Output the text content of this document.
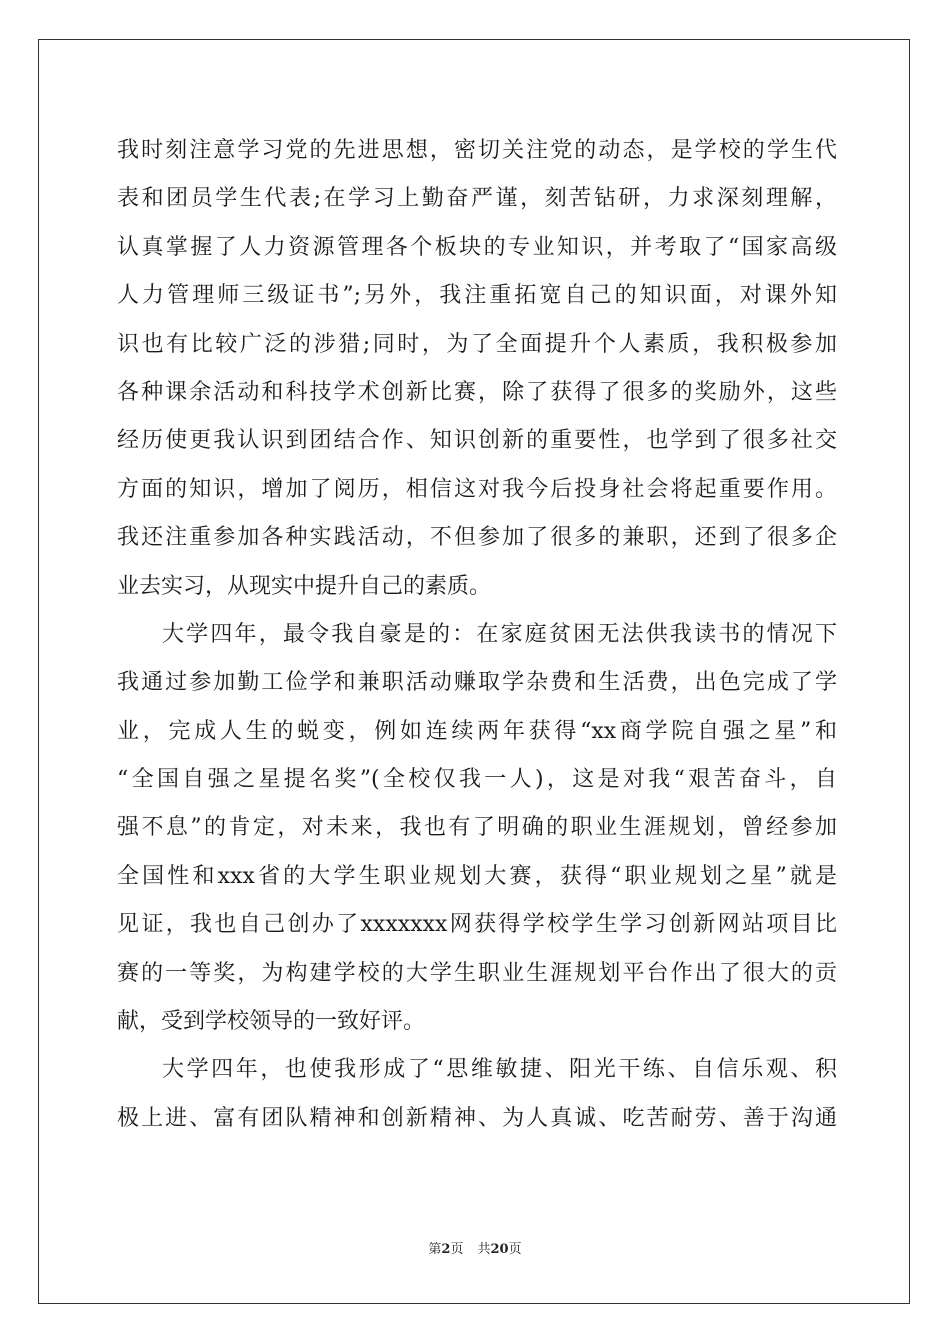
我时刻注意学习党的先进思想，密切关注党的动态，是学校的学生代
表和团员学生代表;在学习上勤奋严谨，刻苦钻研，力求深刻理解，
认真掌握了人力资源管理各个板块的专业知识，并考取了“国家高级
人力管理师三级证书”;另外，我注重拓宽自己的知识面，对课外知
识也有比较广泛的涉猎;同时，为了全面提升个人素质，我积极参加
各种课余活动和科技学术创新比赛，除了获得了很多的奖励外，这些
经历使更我认识到团结合作、知识创新的重要性，也学到了很多社交
方面的知识，增加了阅历，相信这对我今后投身社会将起重要作用。
我还注重参加各种实践活动，不但参加了很多的兼职，还到了很多企
业去实习，从现实中提升自己的素质。
大学四年，最令我自豪是的：在家庭贫困无法供我读书的情况下
我通过参加勤工俭学和兼职活动赚取学杂费和生活费，出色完成了学
业，完成人生的蜕变，例如连续两年获得“xx商学院自强之星”和
“全国自强之星提名奖”(全校仅我一人)，这是对我“艰苦奋斗，自
强不息”的肯定，对未来，我也有了明确的职业生涯规划，曾经参加
全国性和xxx省的大学生职业规划大赛，获得“职业规划之星”就是
见证，我也自己创办了xxxxxxx网获得学校学生学习创新网站项目比
赛的一等奖，为构建学校的大学生职业生涯规划平台作出了很大的贡
献，受到学校领导的一致好评。
大学四年，也使我形成了“思维敏捷、阳光干练、自信乐观、积
极上进、富有团队精神和创新精神、为人真诚、吃苦耐劳、善于沟通
第2页 共20页
